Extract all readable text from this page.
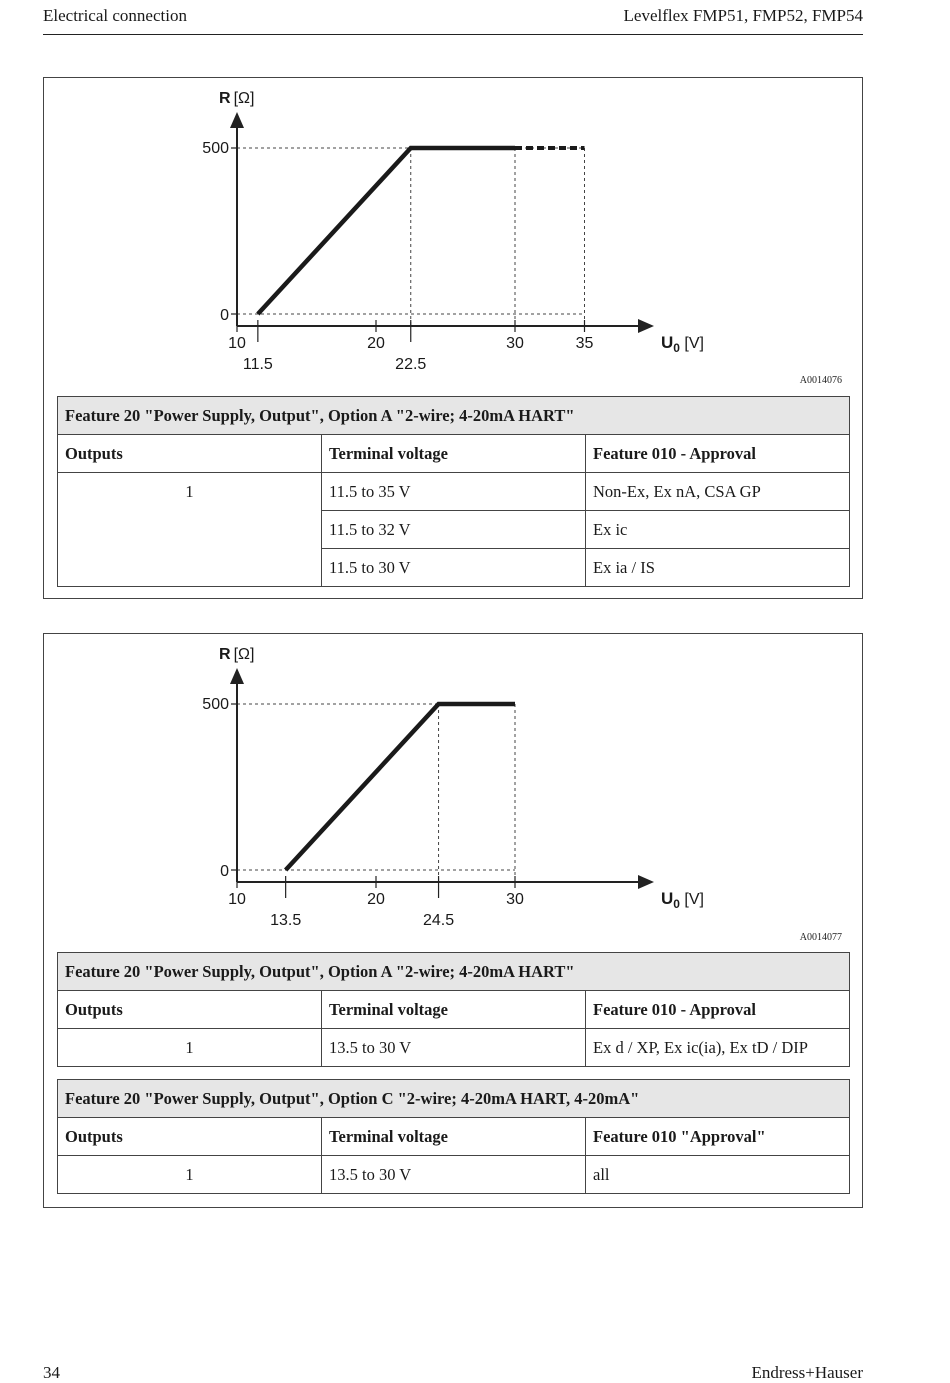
Electrical connection	Levelflex FMP51, FMP52, FMP54
R [Ω]
500
0
10	20	30	35
11.5	22.5
$U_0$ [V]
A0014076
Feature 20 "Power Supply, Output", Option A "2-wire; 4-20mA HART"		
Outputs	Terminal voltage	Feature 010 - Approval
1	11.5 to 35 V	Non-Ex, Ex nA, CSA GP
	11.5 to 32 V	Ex ic
	11.5 to 30 V	Ex ia / IS
R [Ω]
500
0
10	20	30
13.5	24.5
$U_0$ [V]
A0014077
Feature 20 "Power Supply, Output", Option A "2-wire; 4-20mA HART"		
Outputs	Terminal voltage	Feature 010 - Approval
1	13.5 to 30 V	Ex d / XP, Ex ic(ia), Ex tD / DIP
Feature 20 "Power Supply, Output", Option C "2-wire; 4-20mA HART, 4-20mA"		
Outputs	Terminal voltage	Feature 010 "Approval"
1	13.5 to 30 V	all
34	Endress+Hauser
